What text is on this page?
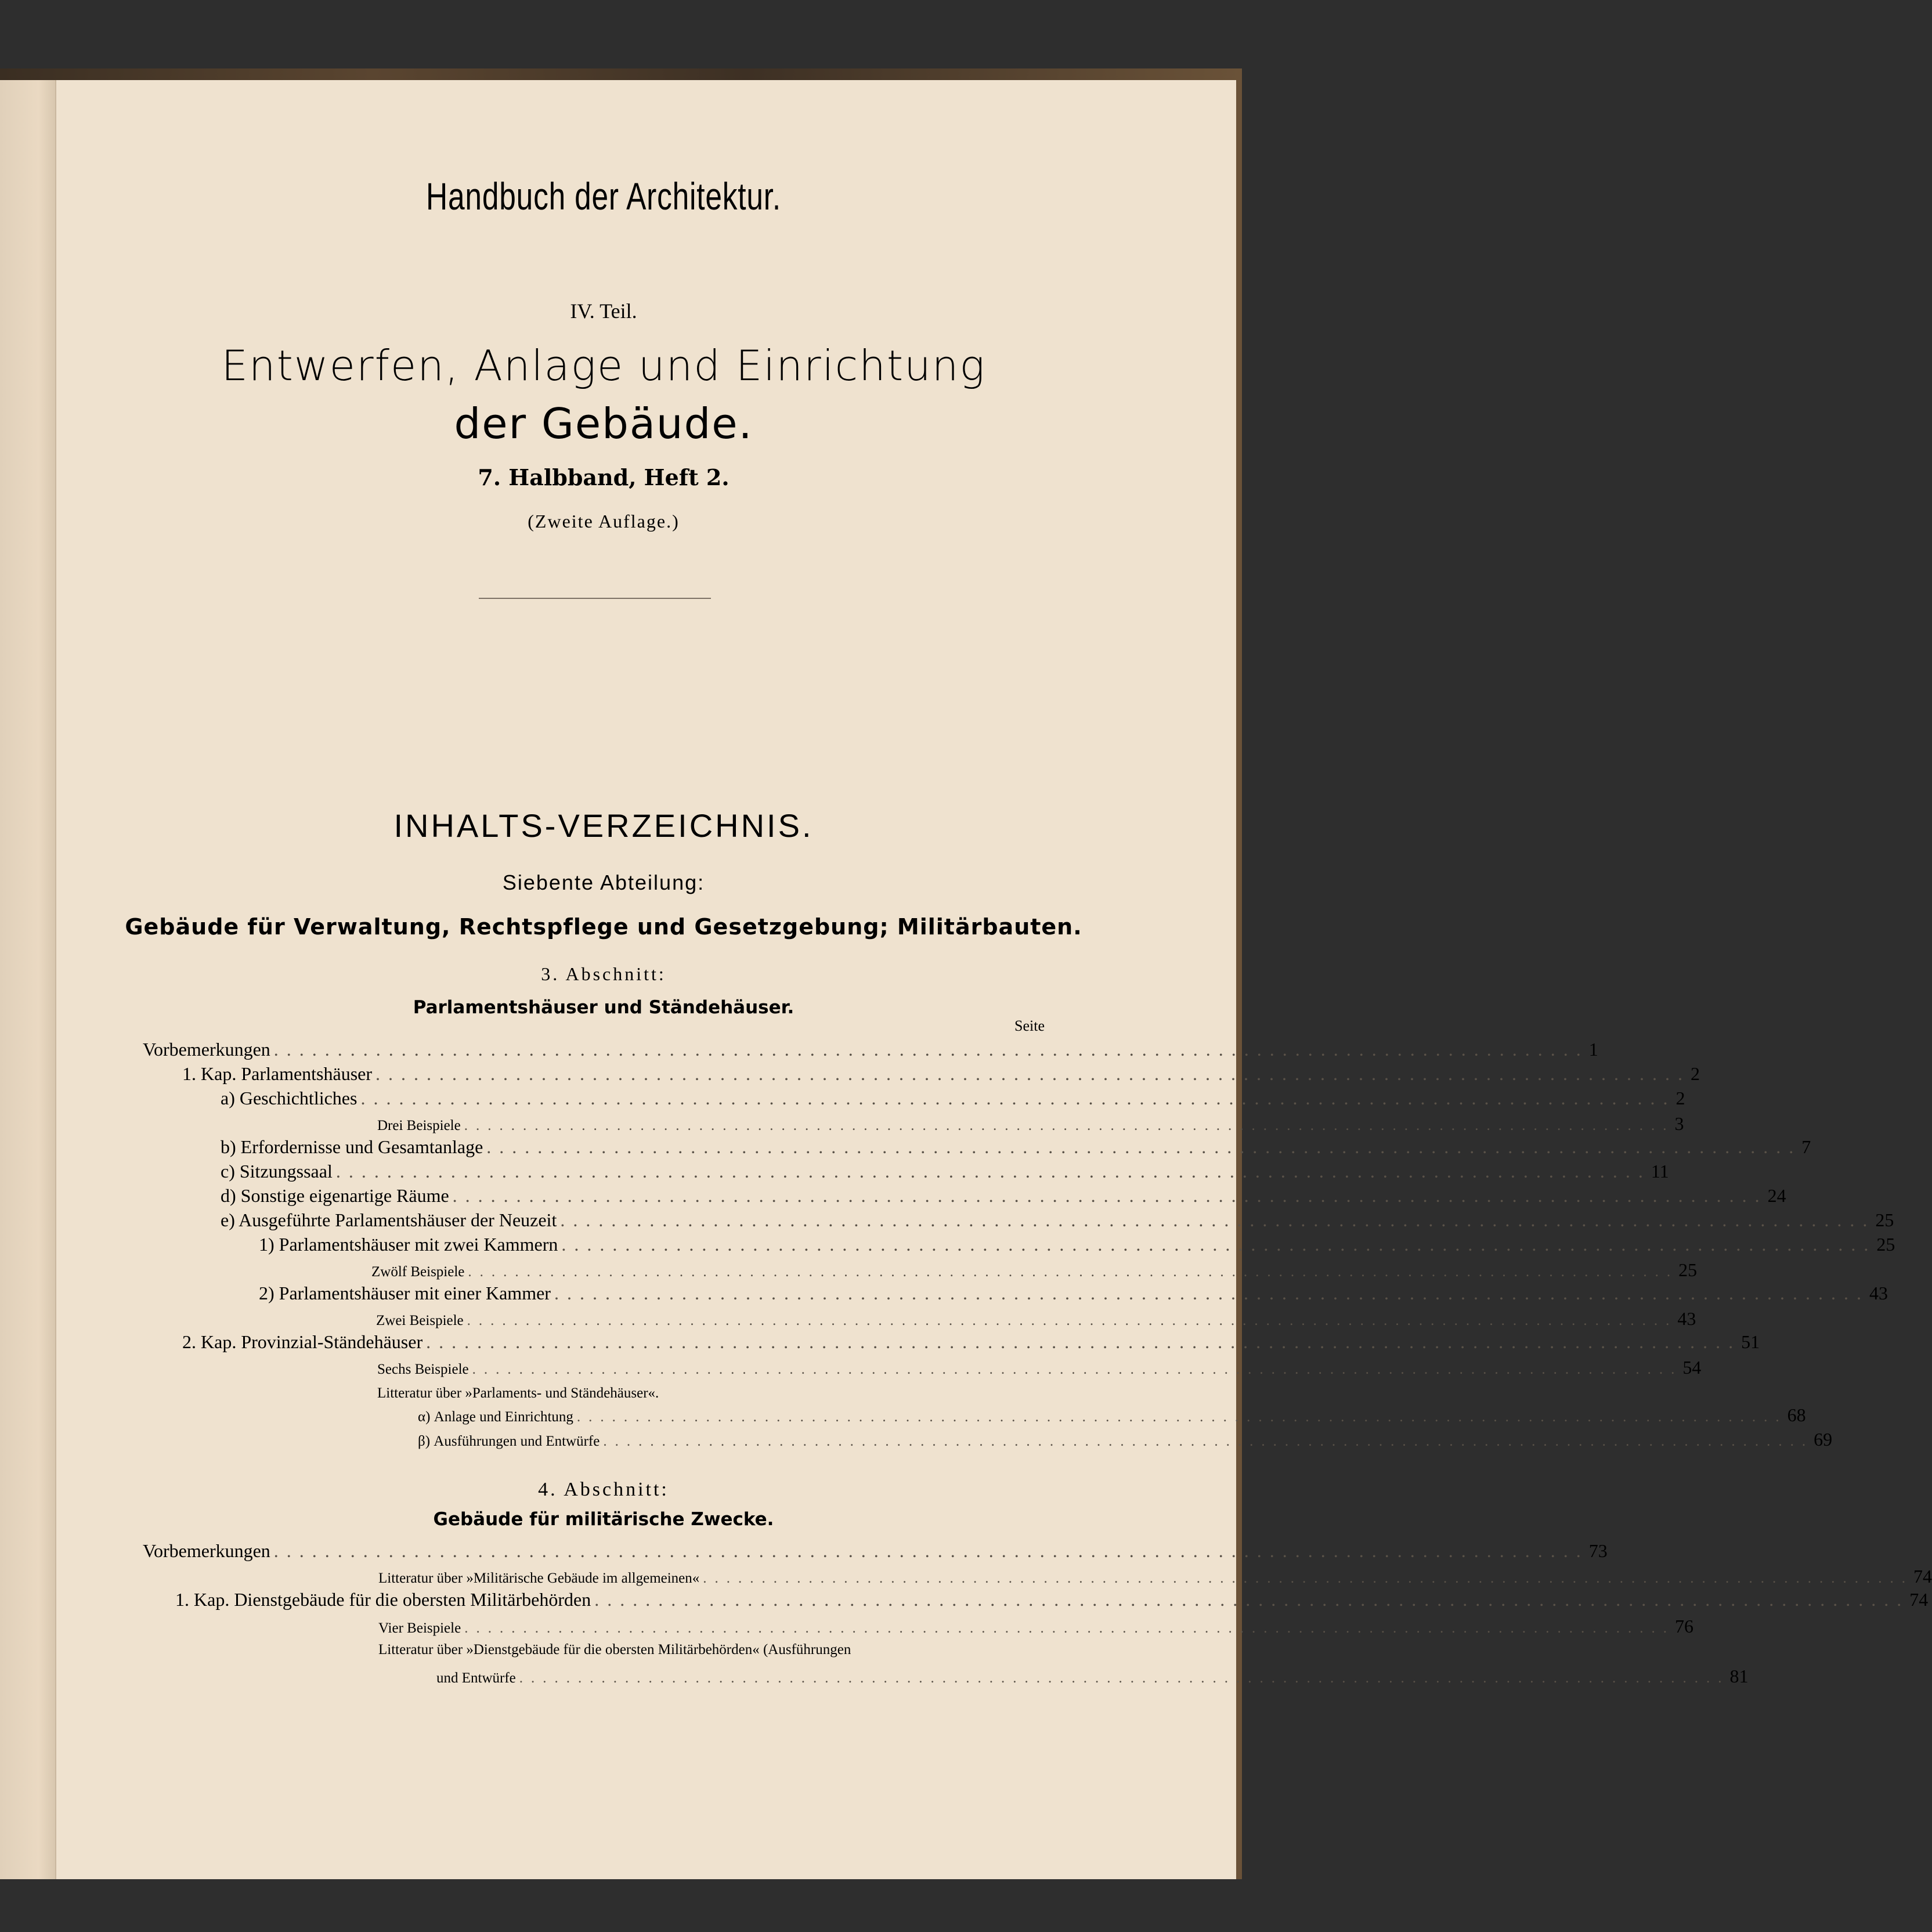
Handbuch der Architektur.
IV. Teil.
Entwerfen, Anlage und Einrichtung
der Gebäude.
7. Halbband, Heft 2.
(Zweite Auflage.)
INHALTS-VERZEICHNIS.
Siebente Abteilung:
Gebäude für Verwaltung, Rechtspflege und Gesetzgebung; Militärbauten.
3. Abschnitt:
Parlamentshäuser und Ständehäuser.
Seite
Vorbemerkungen ....................................................................................................... 1
1. Kap. Parlamentshäuser ....................................................................................................... 2
a) Geschichtliches ....................................................................................................... 2
Drei Beispiele ....................................................................................................... 3
b) Erfordernisse und Gesamtanlage ....................................................................................................... 7
c) Sitzungssaal ....................................................................................................... 11
d) Sonstige eigenartige Räume ....................................................................................................... 24
e) Ausgeführte Parlamentshäuser der Neuzeit ....................................................................................................... 25
1) Parlamentshäuser mit zwei Kammern ....................................................................................................... 25
Zwölf Beispiele ....................................................................................................... 25
2) Parlamentshäuser mit einer Kammer ....................................................................................................... 43
Zwei Beispiele ....................................................................................................... 43
2. Kap. Provinzial-Ständehäuser ....................................................................................................... 51
Sechs Beispiele ....................................................................................................... 54
Litteratur über »Parlaments- und Ständehäuser«.
α) Anlage und Einrichtung ....................................................................................................... 68
β) Ausführungen und Entwürfe ....................................................................................................... 69
4. Abschnitt:
Gebäude für militärische Zwecke.
Vorbemerkungen ....................................................................................................... 73
Litteratur über »Militärische Gebäude im allgemeinen« ....................................................................................................... 74
1. Kap. Dienstgebäude für die obersten Militärbehörden ....................................................................................................... 74
Vier Beispiele ....................................................................................................... 76
Litteratur über »Dienstgebäude für die obersten Militärbehörden« (Ausführungen
und Entwürfe ....................................................................................................... 81
